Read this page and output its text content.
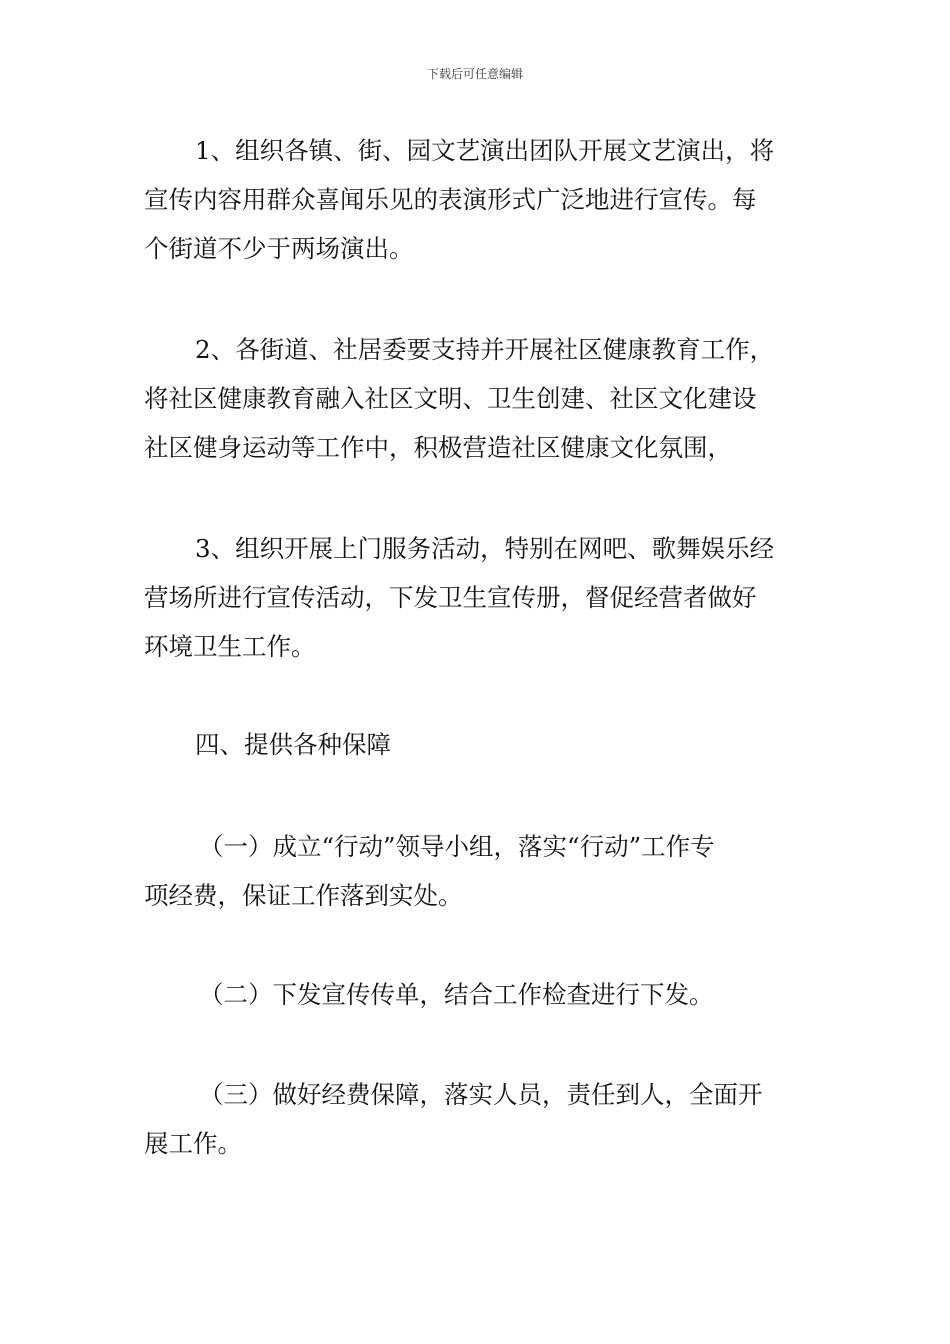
下载后可任意编辑
1、组织各镇、街、园文艺演出团队开展文艺演出，将
宣传内容用群众喜闻乐见的表演形式广泛地进行宣传。每
个街道不少于两场演出。
2、各街道、社居委要支持并开展社区健康教育工作，
将社区健康教育融入社区文明、卫生创建、社区文化建设
社区健身运动等工作中，积极营造社区健康文化氛围，
3、组织开展上门服务活动，特别在网吧、歌舞娱乐经
营场所进行宣传活动，下发卫生宣传册，督促经营者做好
环境卫生工作。
四、提供各种保障
（一）成立“行动”领导小组，落实“行动”工作专
项经费，保证工作落到实处。
（二）下发宣传传单，结合工作检查进行下发。
（三）做好经费保障，落实人员，责任到人，全面开
展工作。
